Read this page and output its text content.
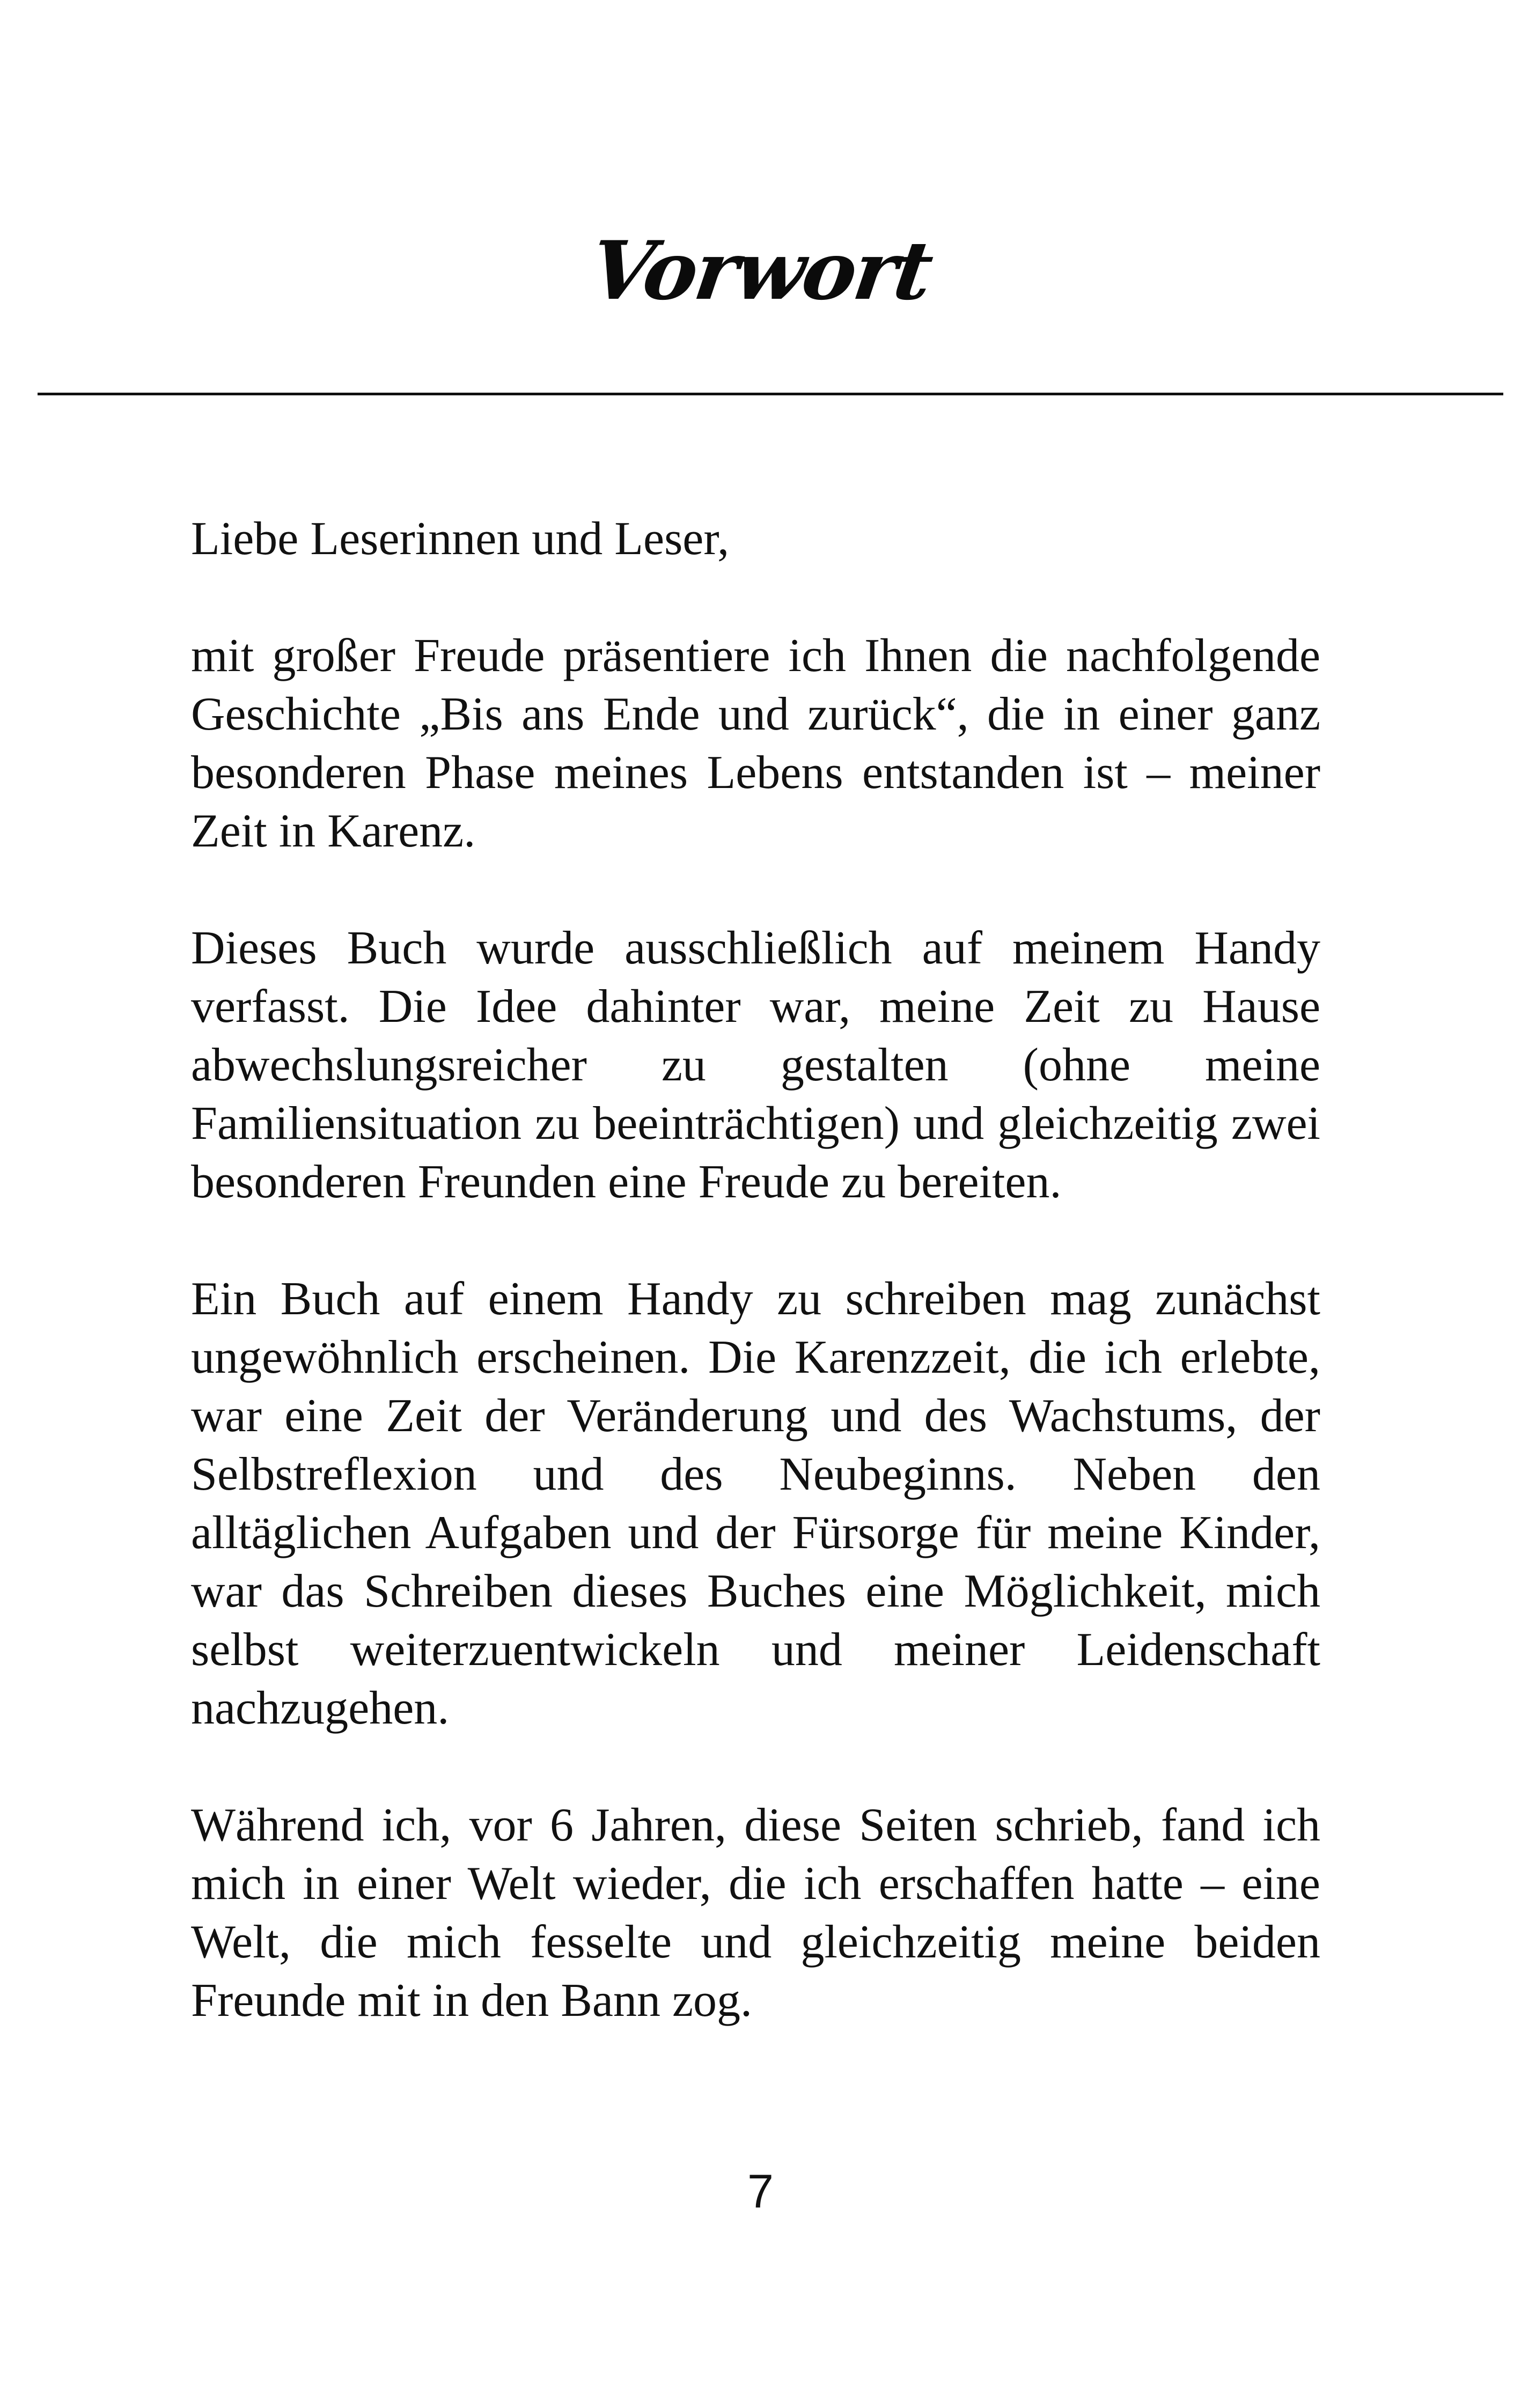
Vorwort

Liebe Leserinnen und Leser,

mit großer Freude präsentiere ich Ihnen die nachfolgende Geschichte „Bis ans Ende und zurück“, die in einer ganz besonderen Phase meines Lebens entstanden ist – meiner Zeit in Karenz.

Dieses Buch wurde ausschließlich auf meinem Handy verfasst. Die Idee dahinter war, meine Zeit zu Hause abwechslungsreicher zu gestalten (ohne meine Familiensituation zu beeinträchtigen) und gleichzeitig zwei besonderen Freunden eine Freude zu bereiten.

Ein Buch auf einem Handy zu schreiben mag zunächst ungewöhnlich erscheinen. Die Karenzzeit, die ich erlebte, war eine Zeit der Veränderung und des Wachstums, der Selbstreflexion und des Neubeginns. Neben den alltäglichen Aufgaben und der Fürsorge für meine Kinder, war das Schreiben dieses Buches eine Möglichkeit, mich selbst weiterzuentwickeln und meiner Leidenschaft nachzugehen.

Während ich, vor 6 Jahren, diese Seiten schrieb, fand ich mich in einer Welt wieder, die ich erschaffen hatte – eine Welt, die mich fesselte und gleichzeitig meine beiden Freunde mit in den Bann zog.

7
